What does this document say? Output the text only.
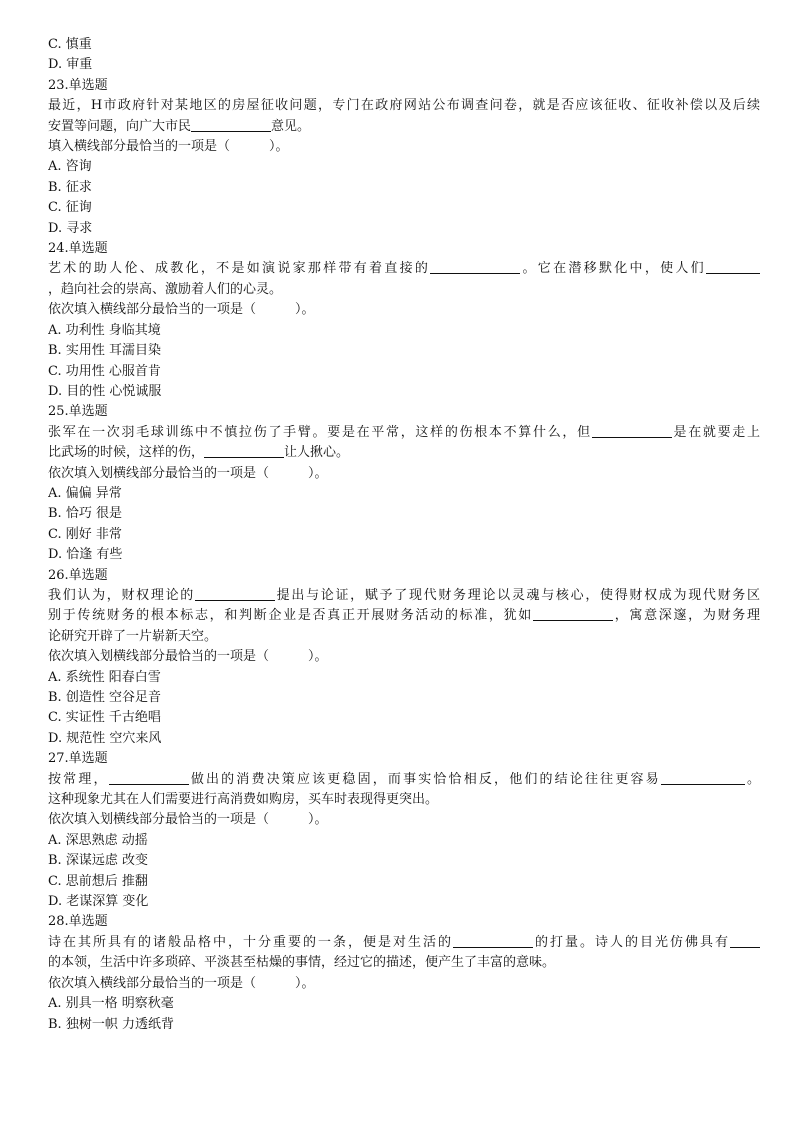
C. 慎重
D. 审重
23.单选题
最近，H市政府针对某地区的房屋征收问题，专门在政府网站公布调查问卷，就是否应该征收、征收补偿以及后续
安置等问题，向广大市民	意见。
填入横线部分最恰当的一项是（　　　）。
A. 咨询
B. 征求
C. 征询
D. 寻求
24.单选题
艺术的助人伦、成教化，不是如演说家那样带有着直接的	。它在潜移默化中，使人们
，趋向社会的崇高、激励着人们的心灵。
依次填入横线部分最恰当的一项是（　　　）。
A. 功利性 身临其境
B. 实用性 耳濡目染
C. 功用性 心服首肯
D. 目的性 心悦诚服
25.单选题
张军在一次羽毛球训练中不慎拉伤了手臂。要是在平常，这样的伤根本不算什么，但	是在就要走上
比武场的时候，这样的伤，	让人揪心。
依次填入划横线部分最恰当的一项是（　　　）。
A. 偏偏 异常
B. 恰巧 很是
C. 刚好 非常
D. 恰逢 有些
26.单选题
我们认为，财权理论的	提出与论证，赋予了现代财务理论以灵魂与核心，使得财权成为现代财务区
别于传统财务的根本标志，和判断企业是否真正开展财务活动的标准，犹如	，寓意深邃，为财务理
论研究开辟了一片崭新天空。
依次填入划横线部分最恰当的一项是（　　　）。
A. 系统性 阳春白雪
B. 创造性 空谷足音
C. 实证性 千古绝唱
D. 规范性 空穴来风
27.单选题
按常理，	做出的消费决策应该更稳固，而事实恰恰相反，他们的结论往往更容易	。
这种现象尤其在人们需要进行高消费如购房，买车时表现得更突出。
依次填入划横线部分最恰当的一项是（　　　）。
A. 深思熟虑 动摇
B. 深谋远虑 改变
C. 思前想后 推翻
D. 老谋深算 变化
28.单选题
诗在其所具有的诸般品格中，十分重要的一条，便是对生活的	的打量。诗人的目光仿佛具有
的本领，生活中许多琐碎、平淡甚至枯燥的事情，经过它的描述，便产生了丰富的意味。
依次填入横线部分最恰当的一项是（　　　）。
A. 别具一格 明察秋毫
B. 独树一帜 力透纸背
